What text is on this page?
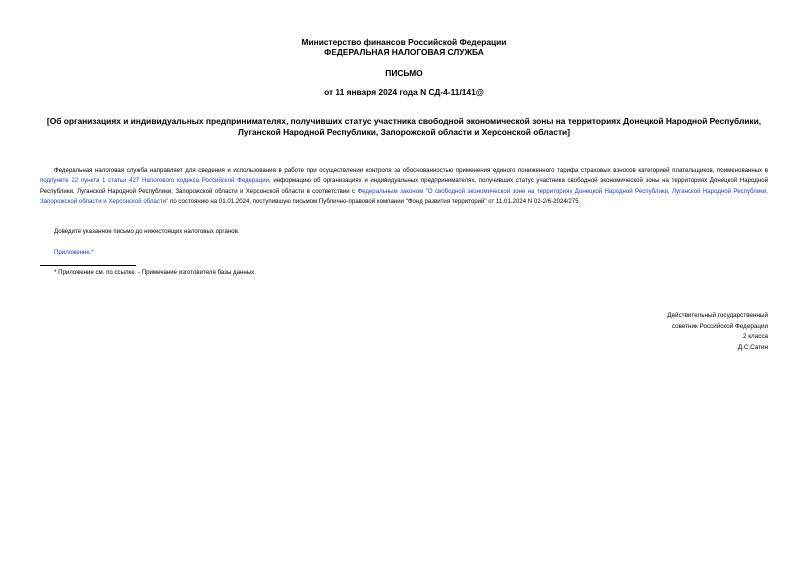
Министерство финансов Российской Федерации
ФЕДЕРАЛЬНАЯ НАЛОГОВАЯ СЛУЖБА
ПИСЬМО
от 11 января 2024 года N СД-4-11/141@
[Об организациях и индивидуальных предпринимателях, получивших статус участника свободной экономической зоны на территориях Донецкой Народной Республики, Луганской Народной Республики, Запорожской области и Херсонской области]
Федеральная налоговая служба направляет для сведения и использования в работе при осуществлении контроля за обоснованностью применения единого пониженного тарифа страховых взносов категорией плательщиков, поименованных в подпункте 22 пункта 1 статьи 427 Налогового кодекса Российской Федерации, информацию об организациях и индивидуальных предпринимателях, получивших статус участника свободной экономической зоны на территориях Донецкой Народной Республики, Луганской Народной Республики, Запорожской области и Херсонской области в соответствии с Федеральным законом "О свободной экономической зоне на территориях Донецкой Народной Республики, Луганской Народной Республики, Запорожской области и Херсонской области" по состоянию на 01.01.2024, поступившую письмом Публично-правовой компании "Фонд развития территорий" от 11.01.2024 N 02-2/6-2024/275.
Доведите указанное письмо до нижестоящих налоговых органов.
Приложение.*
* Приложение см. по ссылке. - Примечание изготовителя базы данных.
Действительный государственный
советник Российской Федерации
2 класса
Д.С.Сатин
